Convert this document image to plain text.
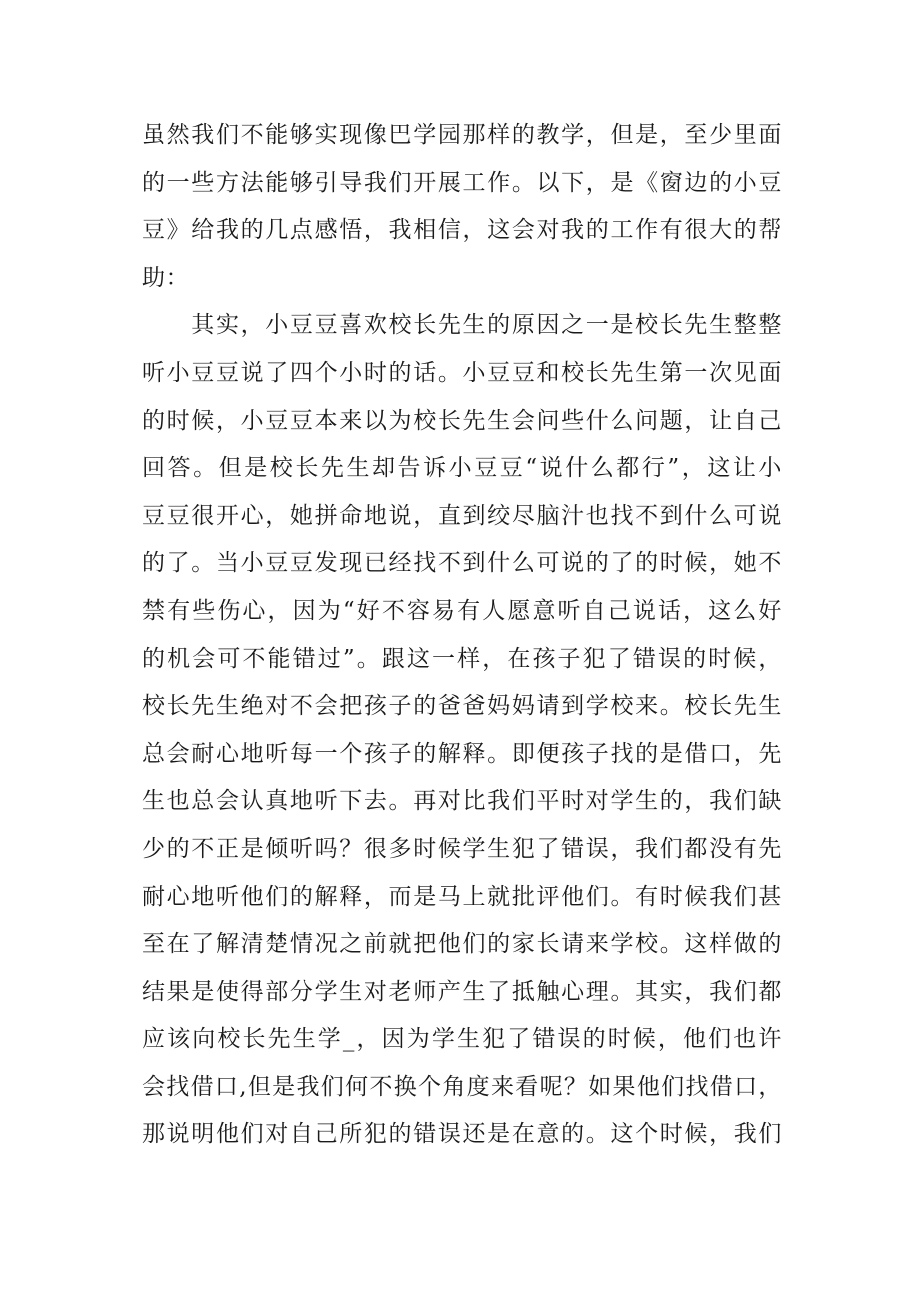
虽然我们不能够实现像巴学园那样的教学，但是，至少里面
的一些方法能够引导我们开展工作。以下，是《窗边的小豆
豆》给我的几点感悟，我相信，这会对我的工作有很大的帮
助：
　　其实，小豆豆喜欢校长先生的原因之一是校长先生整整
听小豆豆说了四个小时的话。小豆豆和校长先生第一次见面
的时候，小豆豆本来以为校长先生会问些什么问题，让自己
回答。但是校长先生却告诉小豆豆“说什么都行”，这让小
豆豆很开心，她拼命地说，直到绞尽脑汁也找不到什么可说
的了。当小豆豆发现已经找不到什么可说的了的时候，她不
禁有些伤心，因为“好不容易有人愿意听自己说话，这么好
的机会可不能错过”。跟这一样，在孩子犯了错误的时候，
校长先生绝对不会把孩子的爸爸妈妈请到学校来。校长先生
总会耐心地听每一个孩子的解释。即便孩子找的是借口，先
生也总会认真地听下去。再对比我们平时对学生的，我们缺
少的不正是倾听吗？很多时候学生犯了错误，我们都没有先
耐心地听他们的解释，而是马上就批评他们。有时候我们甚
至在了解清楚情况之前就把他们的家长请来学校。这样做的
结果是使得部分学生对老师产生了抵触心理。其实，我们都
应该向校长先生学_，因为学生犯了错误的时候，他们也许
会找借口,但是我们何不换个角度来看呢？如果他们找借口，
那说明他们对自己所犯的错误还是在意的。这个时候，我们
